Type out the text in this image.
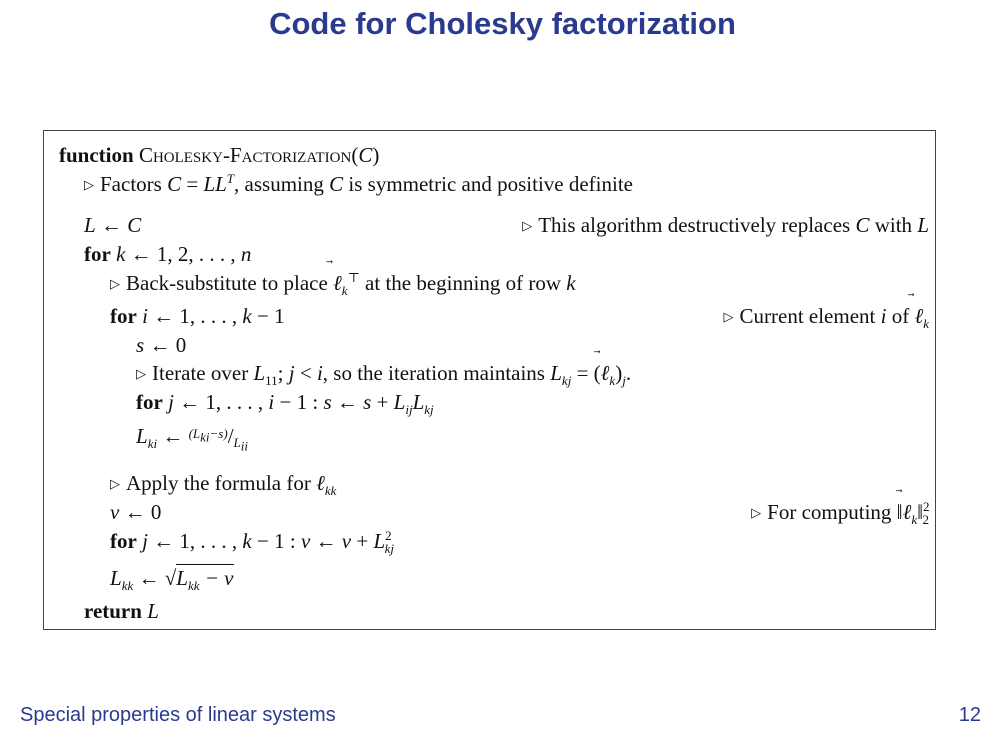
Code for Cholesky factorization
function Cholesky-Factorization(C)
▷ Factors $C = LL^T$, assuming C is symmetric and positive definite
L ← C	▷ This algorithm destructively replaces C with L
for k ← 1, 2, . . . , n
▷ Back-substitute to place ℓ
$_k$⊤ at the beginning of row k
for i ← 1, . . . , k − 1	▷ Current element i of ℓ
$_k$
s ← 0
▷ Iterate over $L_{11}$; j < i, so the iteration maintains $L_{kj}$ = (ℓ
$_k)_j$.
for j ← 1, . . . , i − 1 : s ← $s + L_{ij}L_{kj}$
$L_{ki}$ ← $^{(L_{ki}-s)}/_{L_{ii}}$
▷ Apply the formula for ℓ$_{kk}$
v ← 0	▷ For computing ‖ℓ
$_k$‖$^2_2$
for j ← 1, . . . , k − 1 : v ← $v + L^2_{kj}$
$L_{kk}$ ← $√L_{kk} - v$
return L
Special properties of linear systems	12
